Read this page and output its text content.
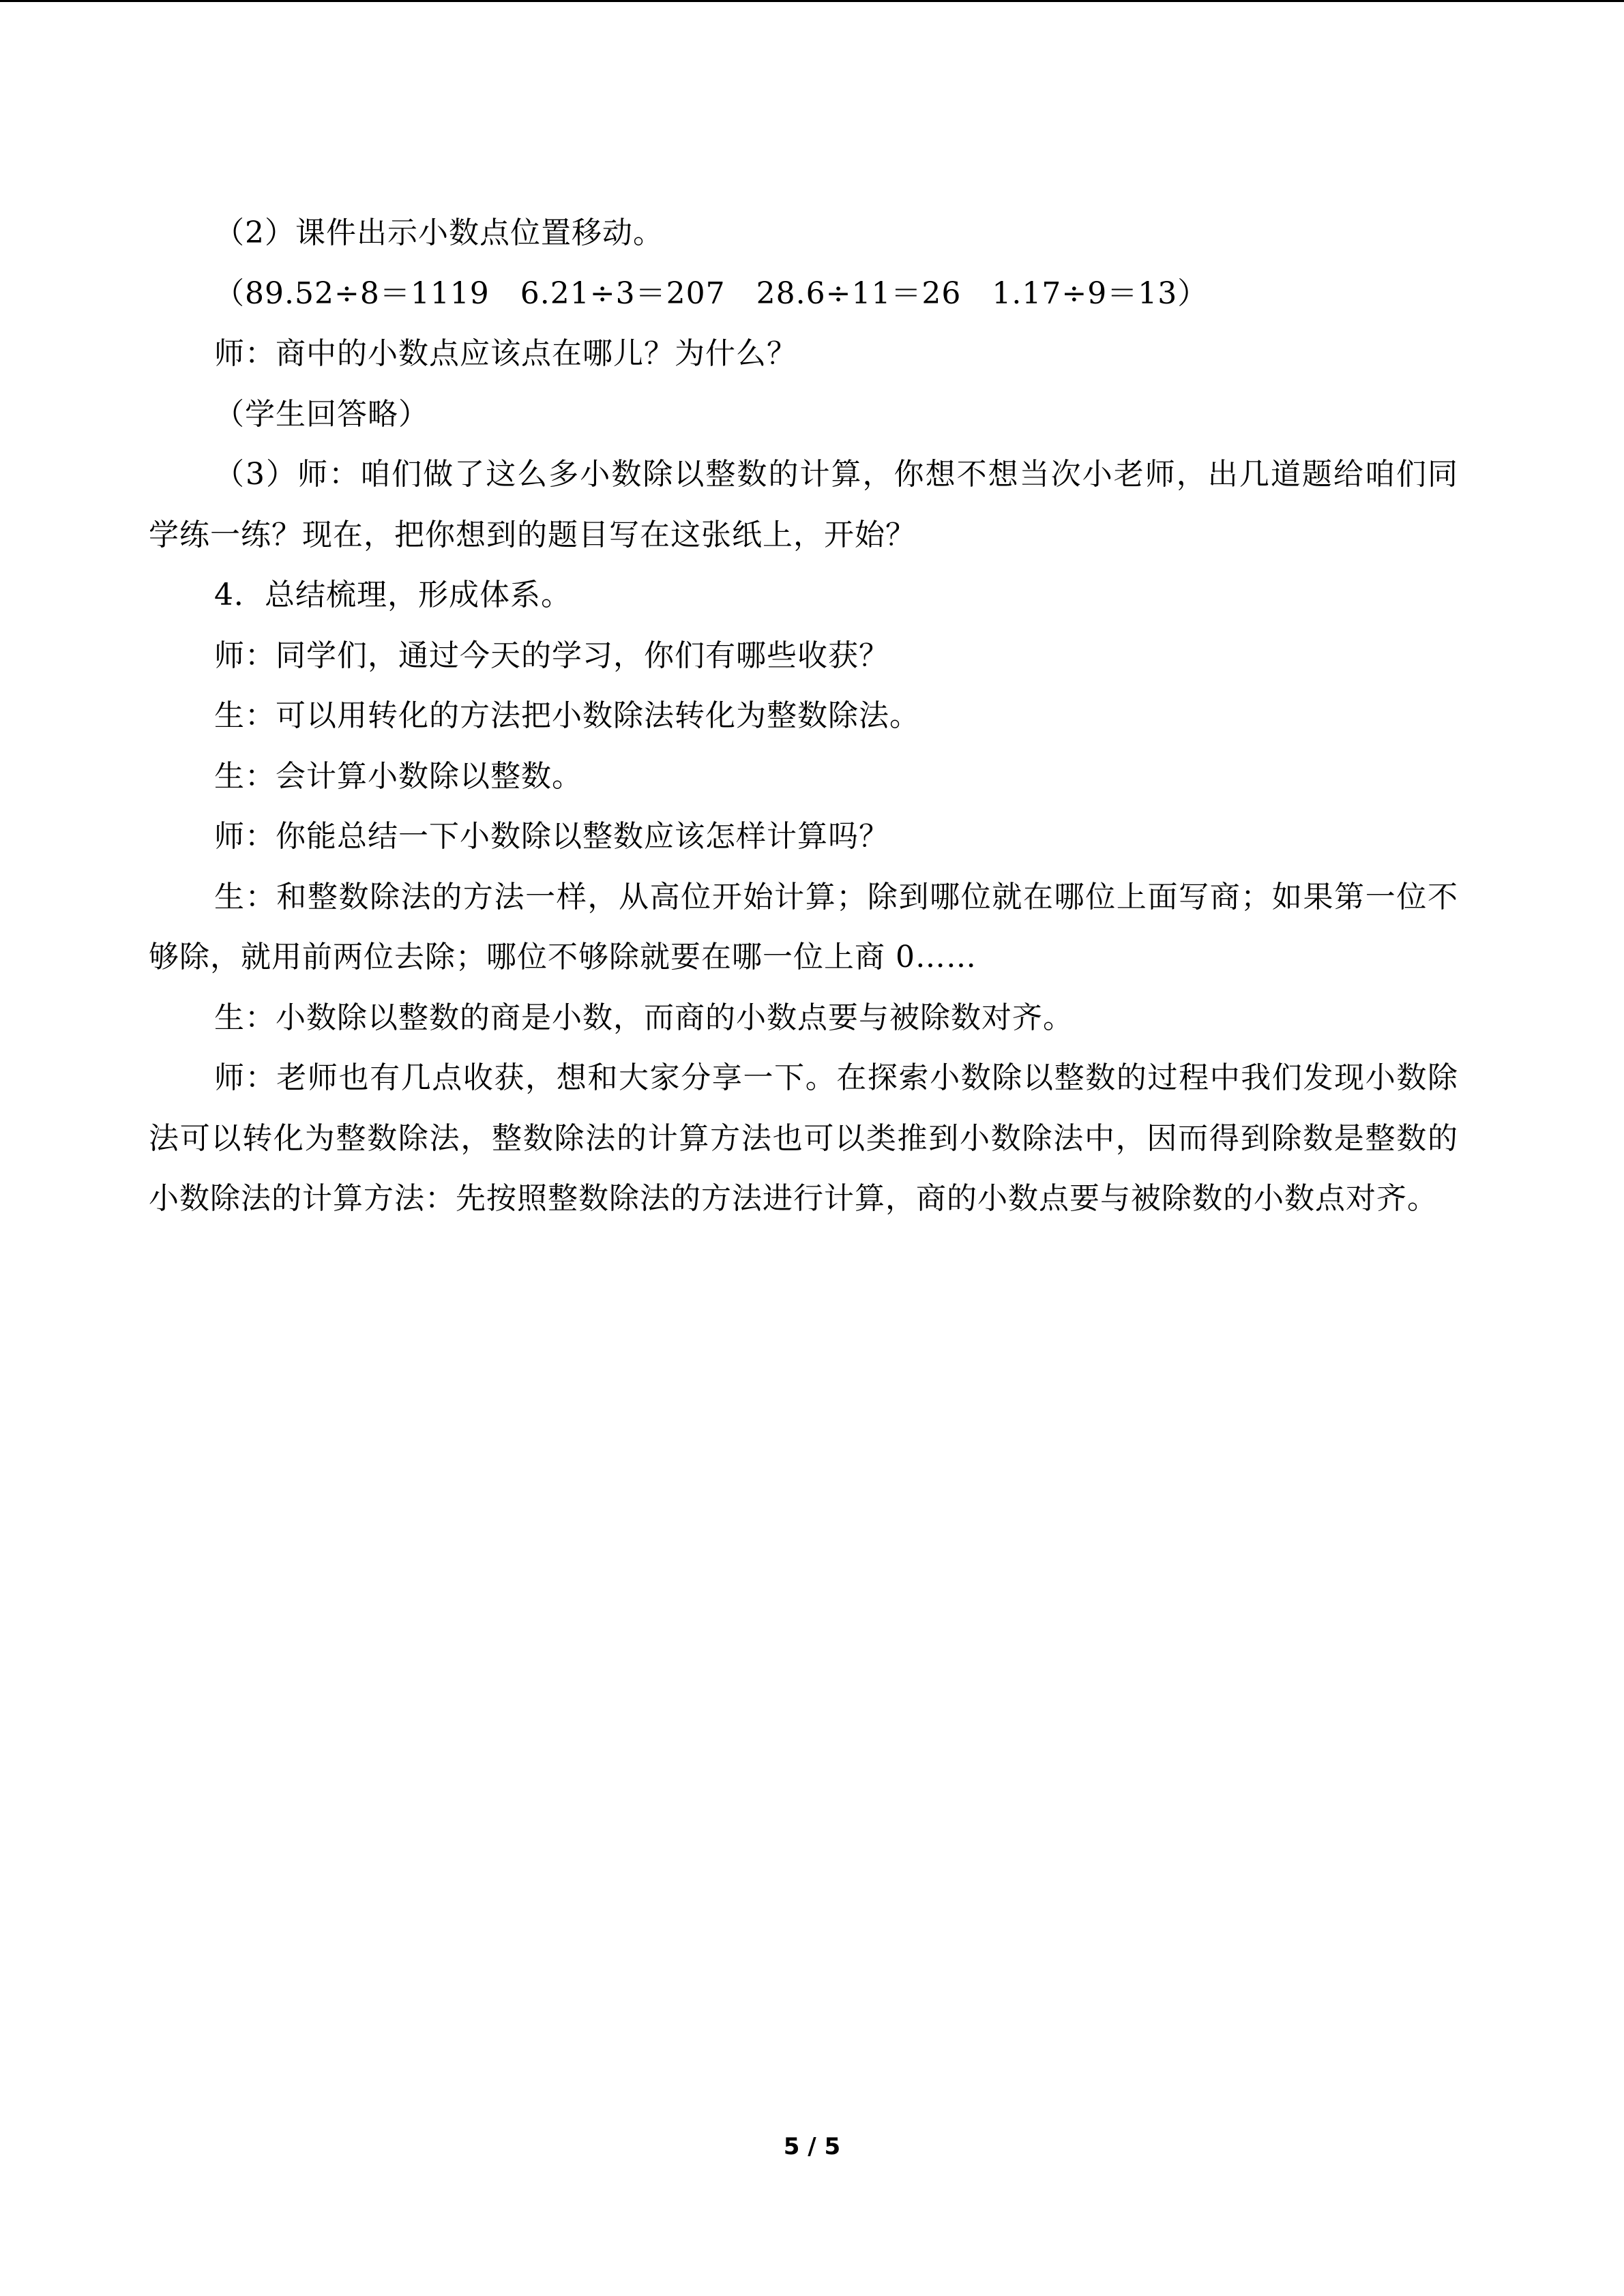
（2）课件出示小数点位置移动。

（89.52÷8＝1119　6.21÷3＝207　28.6÷11＝26　1.17÷9＝13）

师：商中的小数点应该点在哪儿？为什么？

（学生回答略）

（3）师：咱们做了这么多小数除以整数的计算，你想不想当次小老师，出几道题给咱们同学练一练？现在，把你想到的题目写在这张纸上，开始？

4．总结梳理，形成体系。

师：同学们，通过今天的学习，你们有哪些收获？

生：可以用转化的方法把小数除法转化为整数除法。

生：会计算小数除以整数。

师：你能总结一下小数除以整数应该怎样计算吗？

生：和整数除法的方法一样，从高位开始计算；除到哪位就在哪位上面写商；如果第一位不够除，就用前两位去除；哪位不够除就要在哪一位上商 0……

生：小数除以整数的商是小数，而商的小数点要与被除数对齐。

师：老师也有几点收获，想和大家分享一下。在探索小数除以整数的过程中我们发现小数除法可以转化为整数除法，整数除法的计算方法也可以类推到小数除法中，因而得到除数是整数的小数除法的计算方法：先按照整数除法的方法进行计算，商的小数点要与被除数的小数点对齐。

5 / 5
